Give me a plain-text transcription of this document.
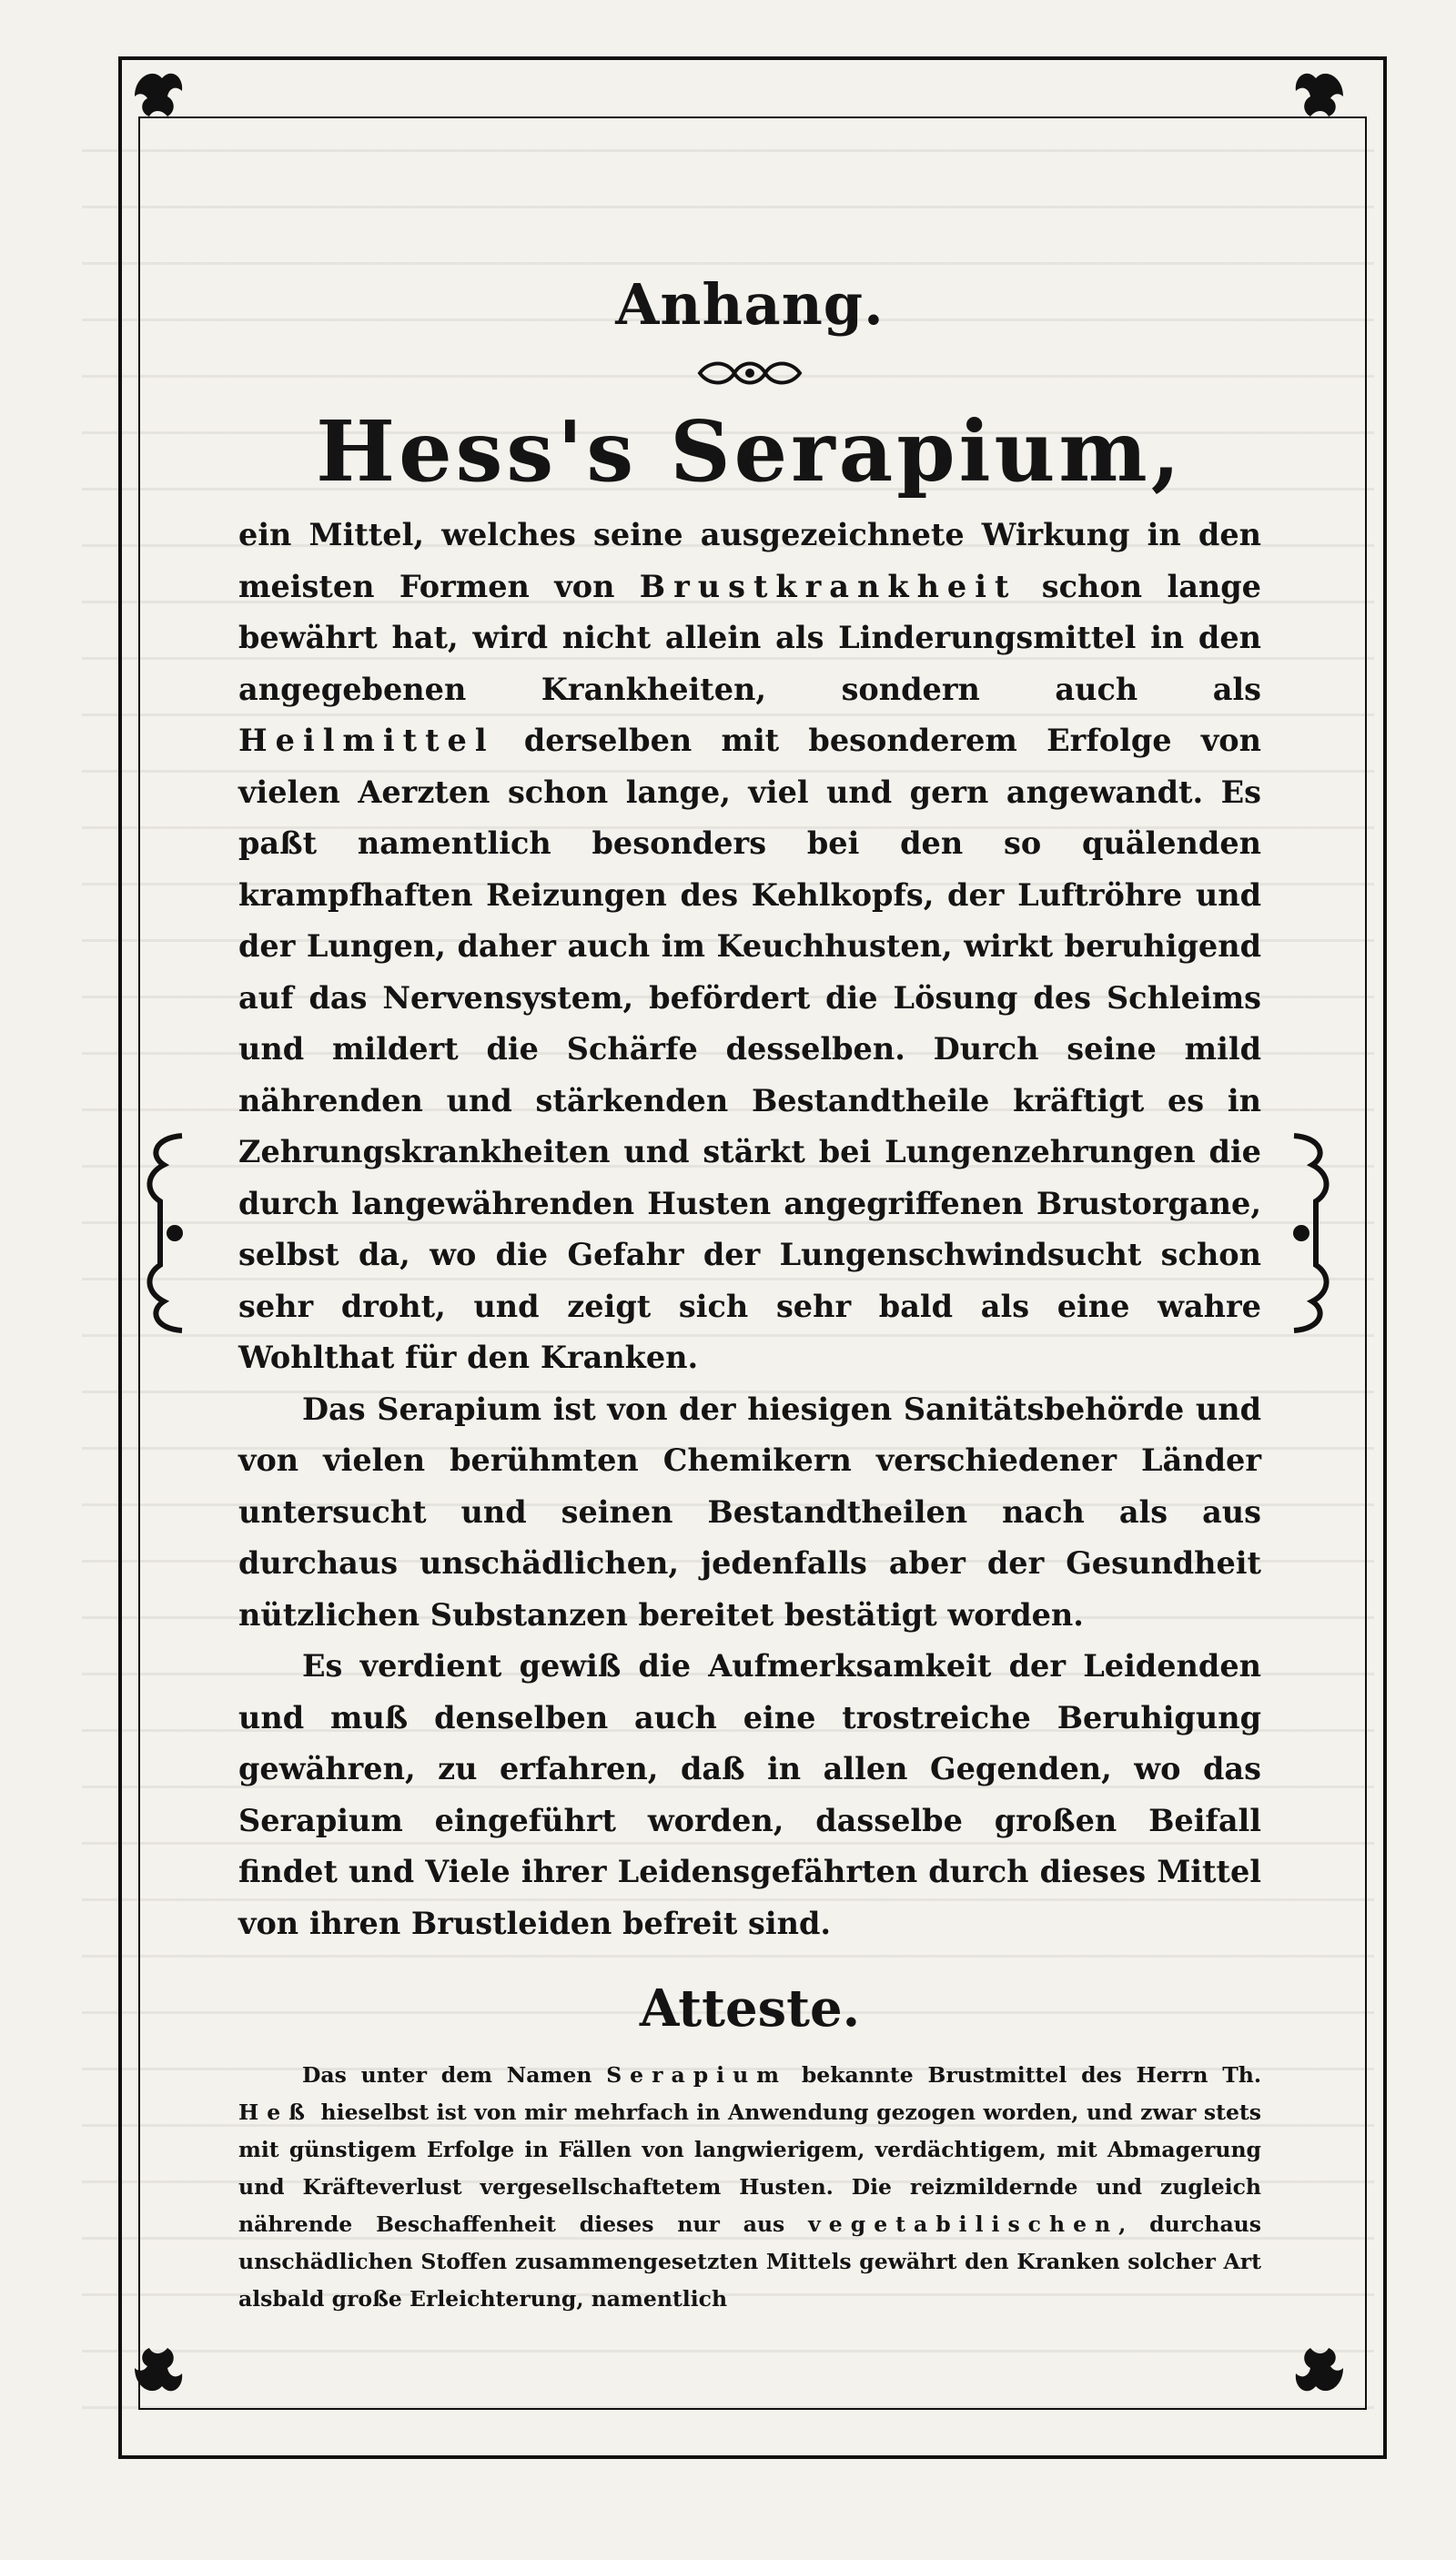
Anhang.
Hess's Serapium,

ein Mittel, welches seine ausgezeichnete Wirkung in den meisten Formen von Brustkrankheit schon lange bewährt hat, wird nicht allein als Linderungsmittel in den angegebenen Krankheiten, sondern auch als Heilmittel derselben mit besonderem Erfolge von vielen Aerzten schon lange, viel und gern angewandt. Es paßt namentlich besonders bei den so quälenden krampfhaften Reizungen des Kehlkopfs, der Luftröhre und der Lungen, daher auch im Keuchhusten, wirkt beruhigend auf das Nervensystem, befördert die Lösung des Schleims und mildert die Schärfe desselben. Durch seine mild nährenden und stärkenden Bestandtheile kräftigt es in Zehrungskrankheiten und stärkt bei Lungenzehrungen die durch langewährenden Husten angegriffenen Brustorgane, selbst da, wo die Gefahr der Lungenschwindsucht schon sehr droht, und zeigt sich sehr bald als eine wahre Wohlthat für den Kranken.

Das Serapium ist von der hiesigen Sanitätsbehörde und von vielen berühmten Chemikern verschiedener Länder untersucht und seinen Bestandtheilen nach als aus durchaus unschädlichen, jedenfalls aber der Gesundheit nützlichen Substanzen bereitet bestätigt worden.

Es verdient gewiß die Aufmerksamkeit der Leidenden und muß denselben auch eine trostreiche Beruhigung gewähren, zu erfahren, daß in allen Gegenden, wo das Serapium eingeführt worden, dasselbe großen Beifall findet und Viele ihrer Leidensgefährten durch dieses Mittel von ihren Brustleiden befreit sind.

Atteste.

Das unter dem Namen Serapium bekannte Brustmittel des Herrn Th. Heß hieselbst ist von mir mehrfach in Anwendung gezogen worden, und zwar stets mit günstigem Erfolge in Fällen von langwierigem, verdächtigem, mit Abmagerung und Kräfteverlust vergesellschaftetem Husten. Die reizmildernde und zugleich nährende Beschaffenheit dieses nur aus vegetabilischen, durchaus unschädlichen Stoffen zusammengesetzten Mittels gewährt den Kranken solcher Art alsbald große Erleichterung, namentlich
